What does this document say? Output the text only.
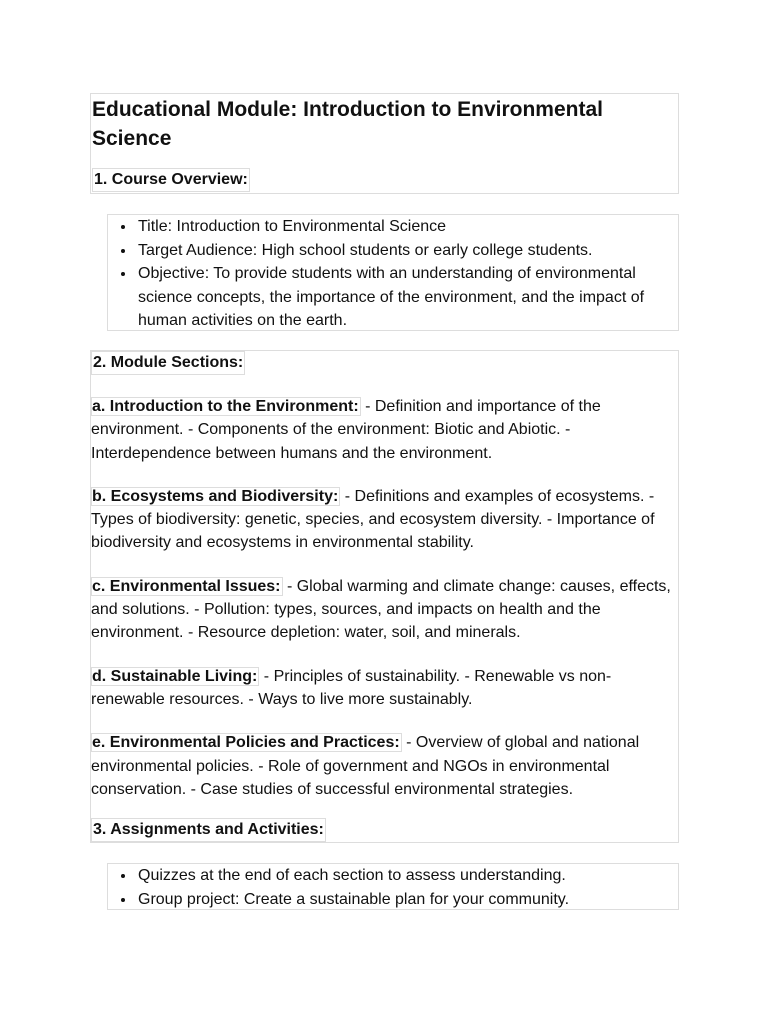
Educational Module: Introduction to Environmental Science
1. Course Overview:
• Title: Introduction to Environmental Science
• Target Audience: High school students or early college students.
• Objective: To provide students with an understanding of environmental science concepts, the importance of the environment, and the impact of human activities on the earth.
2. Module Sections:

a. Introduction to the Environment: - Definition and importance of the environment. - Components of the environment: Biotic and Abiotic. - Interdependence between humans and the environment.

b. Ecosystems and Biodiversity: - Definitions and examples of ecosystems. - Types of biodiversity: genetic, species, and ecosystem diversity. - Importance of biodiversity and ecosystems in environmental stability.

c. Environmental Issues: - Global warming and climate change: causes, effects, and solutions. - Pollution: types, sources, and impacts on health and the environment. - Resource depletion: water, soil, and minerals.

d. Sustainable Living: - Principles of sustainability. - Renewable vs non-renewable resources. - Ways to live more sustainably.

e. Environmental Policies and Practices: - Overview of global and national environmental policies. - Role of government and NGOs in environmental conservation. - Case studies of successful environmental strategies.

3. Assignments and Activities:
• Quizzes at the end of each section to assess understanding.
• Group project: Create a sustainable plan for your community.
